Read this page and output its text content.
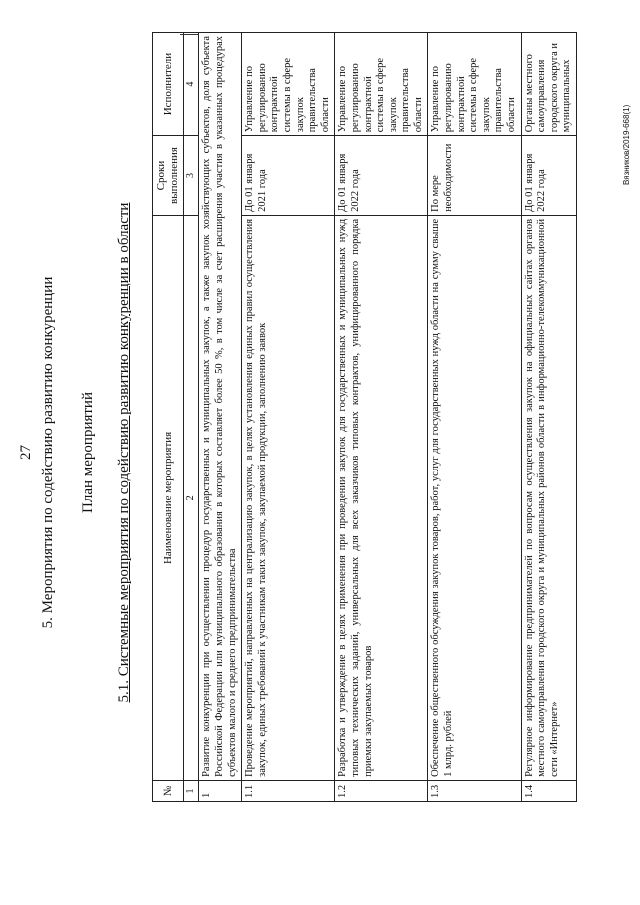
27 5. Мероприятия по содействию развитию конкуренции План мероприятий 5.1. Системные мероприятия по содействию развитию конкуренции в области
№	Наименование мероприятия	Сроки выполнения	Исполнители
1	2	3	4
1	Развитие конкуренции при осуществлении процедур государственных и муниципальных закупок, а также закупок хозяйствующих субъектов, доля субъекта Российской Федерации или муниципального образования в которых составляет более 50 %, в том числе за счет расширения участия в указанных процедурах субъектов малого и среднего предпринимательства		
1.1	Проведение мероприятий, направленных на централизацию закупок, в целях установления единых правил осуществления закупок, единых требований к участникам таких закупок, закупаемой продукции, заполнению заявок	До 01 января 2021 года	Управление по регулированию контрактной системы в сфере закупок правительства области
1.2	Разработка и утверждение в целях применения при проведении закупок для государственных и муниципальных нужд типовых технических заданий, универсальных для всех заказчиков типовых контрактов, унифицированного порядка приемки закупаемых товаров	До 01 января 2022 года	Управление по регулированию контрактной системы в сфере закупок правительства области
1.3	Обеспечение общественного обсуждения закупок товаров, работ, услуг для государственных нужд области на сумму свыше 1 млрд. рублей	По мере необходимости	Управление по регулированию контрактной системы в сфере закупок правительства области
1.4	Регулярное информирование предпринимателей по вопросам осуществления закупок на официальных сайтах органов местного самоуправления городского округа и муниципальных районов области в информационно-телекоммуникационной сети «Интернет»	До 01 января 2022 года	Органы местного самоуправления городского округа и муниципальных
Вязников/2019-668(1)
